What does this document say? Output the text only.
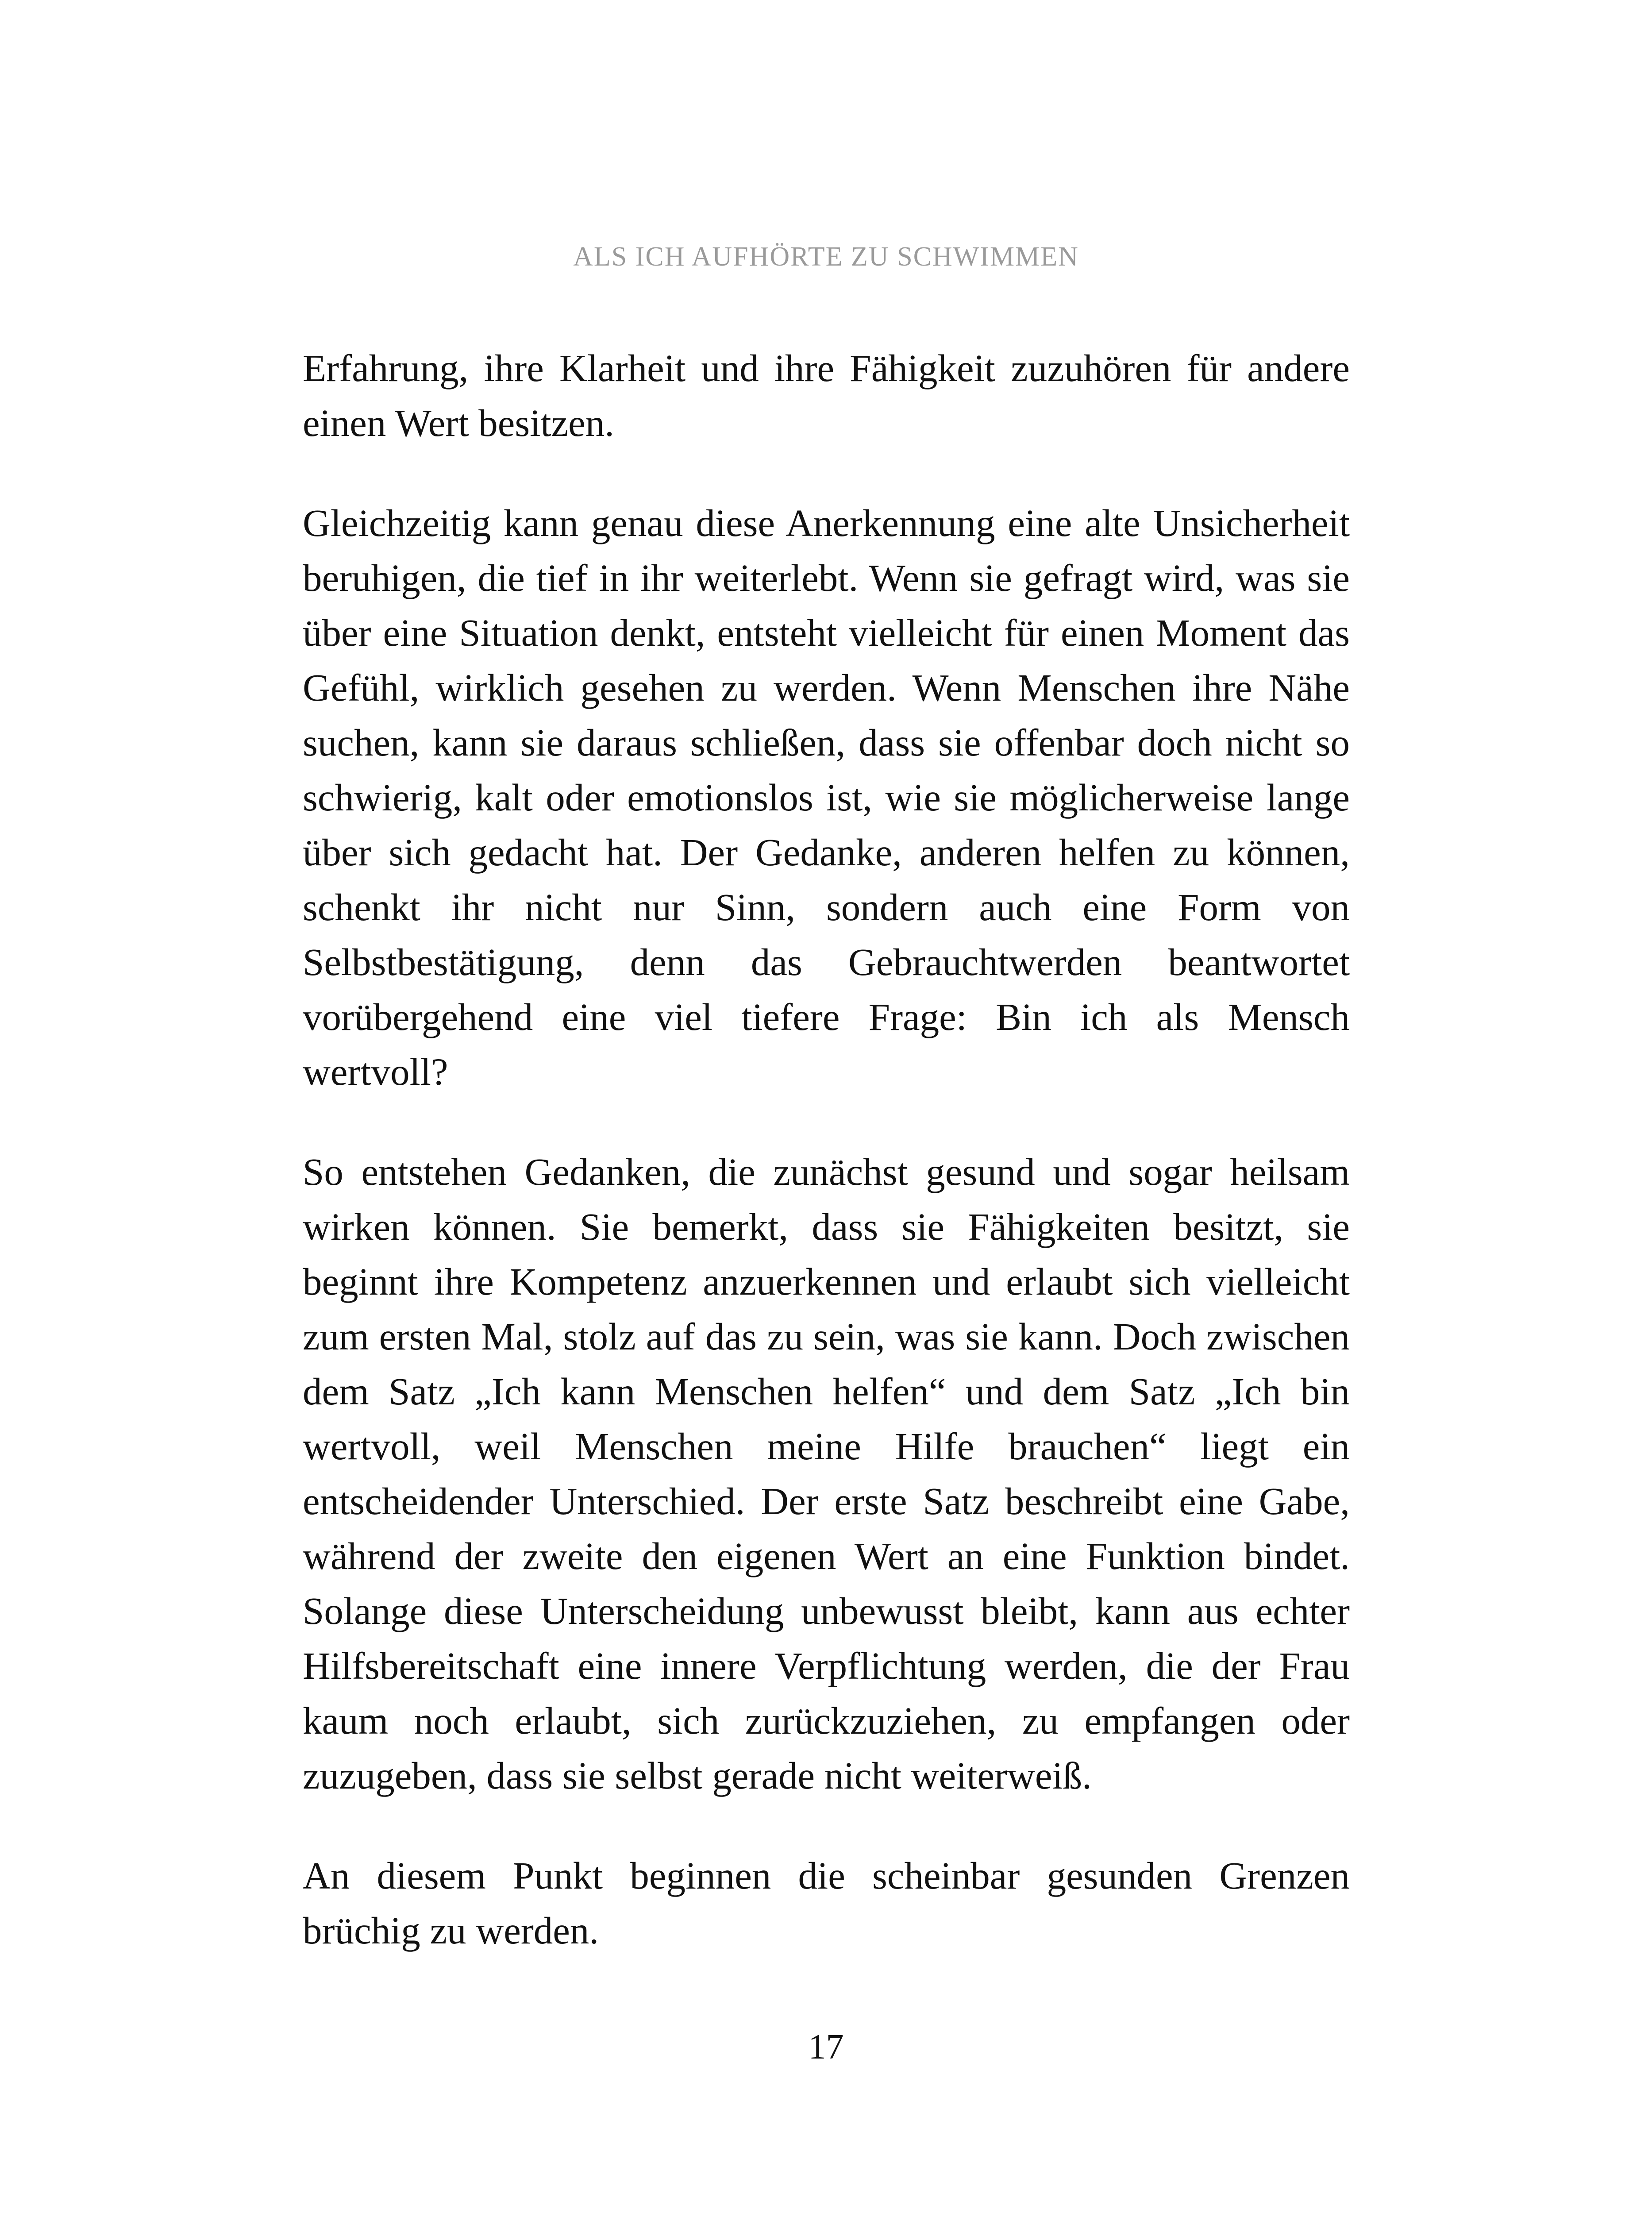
ALS ICH AUFHÖRTE ZU SCHWIMMEN

Erfahrung, ihre Klarheit und ihre Fähigkeit zuzuhören für andere einen Wert besitzen.

Gleichzeitig kann genau diese Anerkennung eine alte Unsicherheit beruhigen, die tief in ihr weiterlebt. Wenn sie gefragt wird, was sie über eine Situation denkt, entsteht vielleicht für einen Moment das Gefühl, wirklich gesehen zu werden. Wenn Menschen ihre Nähe suchen, kann sie daraus schließen, dass sie offenbar doch nicht so schwierig, kalt oder emotionslos ist, wie sie möglicherweise lange über sich gedacht hat. Der Gedanke, anderen helfen zu können, schenkt ihr nicht nur Sinn, sondern auch eine Form von Selbstbestätigung, denn das Gebrauchtwerden beantwortet vorübergehend eine viel tiefere Frage: Bin ich als Mensch wertvoll?

So entstehen Gedanken, die zunächst gesund und sogar heilsam wirken können. Sie bemerkt, dass sie Fähigkeiten besitzt, sie beginnt ihre Kompetenz anzuerkennen und erlaubt sich vielleicht zum ersten Mal, stolz auf das zu sein, was sie kann. Doch zwischen dem Satz „Ich kann Menschen helfen“ und dem Satz „Ich bin wertvoll, weil Menschen meine Hilfe brauchen“ liegt ein entscheidender Unterschied. Der erste Satz beschreibt eine Gabe, während der zweite den eigenen Wert an eine Funktion bindet. Solange diese Unterscheidung unbewusst bleibt, kann aus echter Hilfsbereitschaft eine innere Verpflichtung werden, die der Frau kaum noch erlaubt, sich zurückzuziehen, zu empfangen oder zuzugeben, dass sie selbst gerade nicht weiterweiß.

An diesem Punkt beginnen die scheinbar gesunden Grenzen brüchig zu werden.

17
